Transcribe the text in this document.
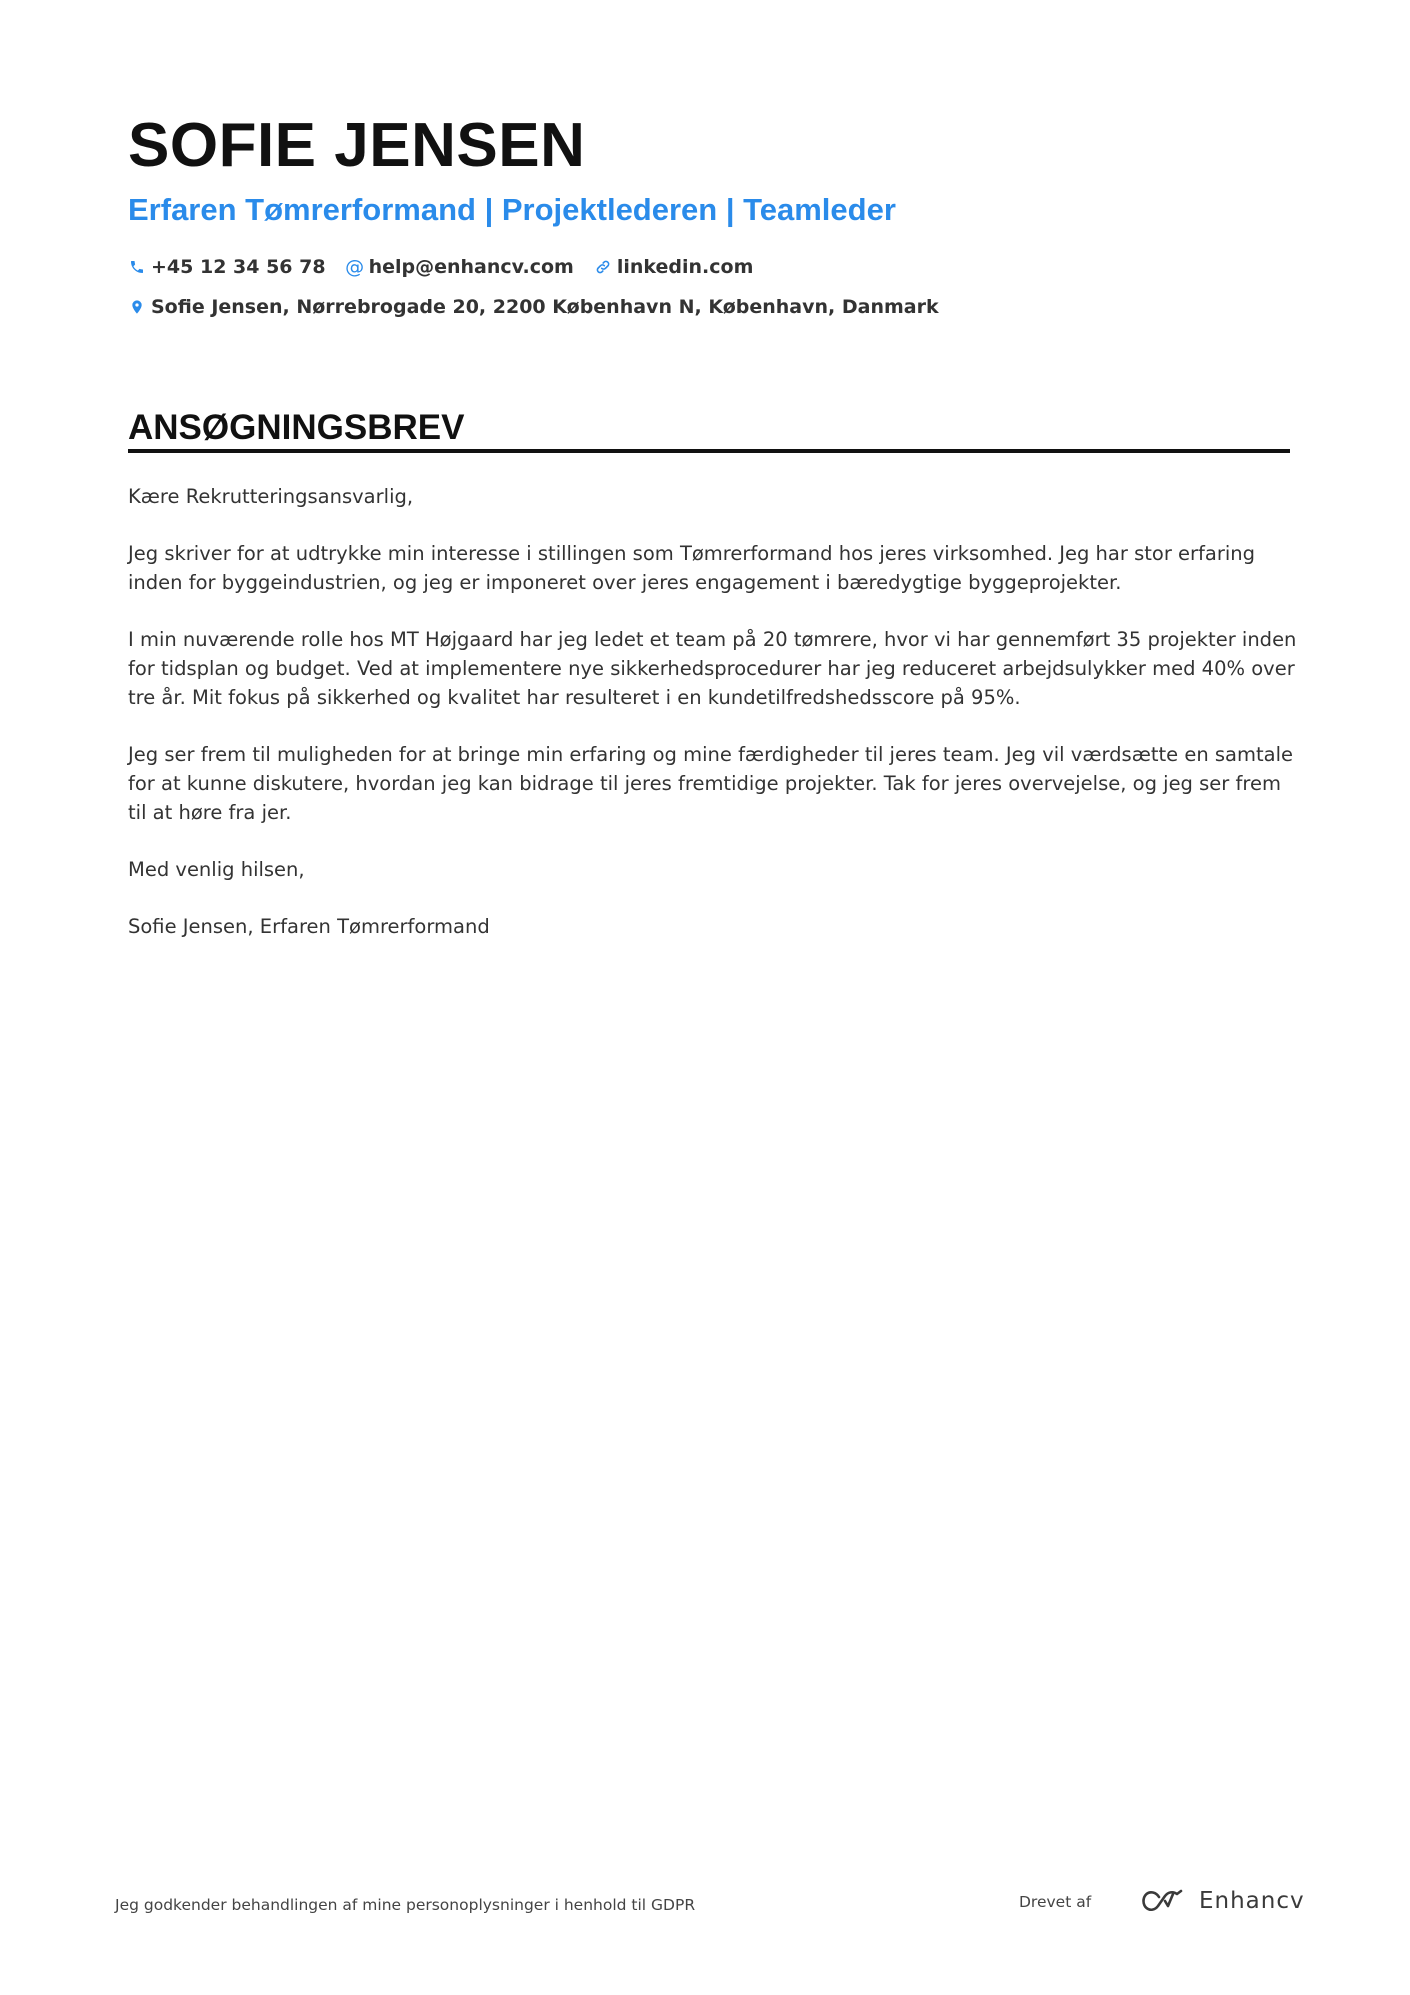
SOFIE JENSEN
Erfaren Tømrerformand | Projektlederen | Teamleder
+45 12 34 56 78 @ help@enhancv.com linkedin.com
Sofie Jensen, Nørrebrogade 20, 2200 København N, København, Danmark
ANSØGNINGSBREV

Kære Rekrutteringsansvarlig,

Jeg skriver for at udtrykke min interesse i stillingen som Tømrerformand hos jeres virksomhed. Jeg har stor erfaring inden for byggeindustrien, og jeg er imponeret over jeres engagement i bæredygtige byggeprojekter.

I min nuværende rolle hos MT Højgaard har jeg ledet et team på 20 tømrere, hvor vi har gennemført 35 projekter inden for tidsplan og budget. Ved at implementere nye sikkerhedsprocedurer har jeg reduceret arbejdsulykker med 40% over tre år. Mit fokus på sikkerhed og kvalitet har resulteret i en kundetilfredshedsscore på 95%.

Jeg ser frem til muligheden for at bringe min erfaring og mine færdigheder til jeres team. Jeg vil værdsætte en samtale for at kunne diskutere, hvordan jeg kan bidrage til jeres fremtidige projekter. Tak for jeres overvejelse, og jeg ser frem til at høre fra jer.

Med venlig hilsen,

Sofie Jensen, Erfaren Tømrerformand

Jeg godkender behandlingen af mine personoplysninger i henhold til GDPR	Drevet af	Enhancv
